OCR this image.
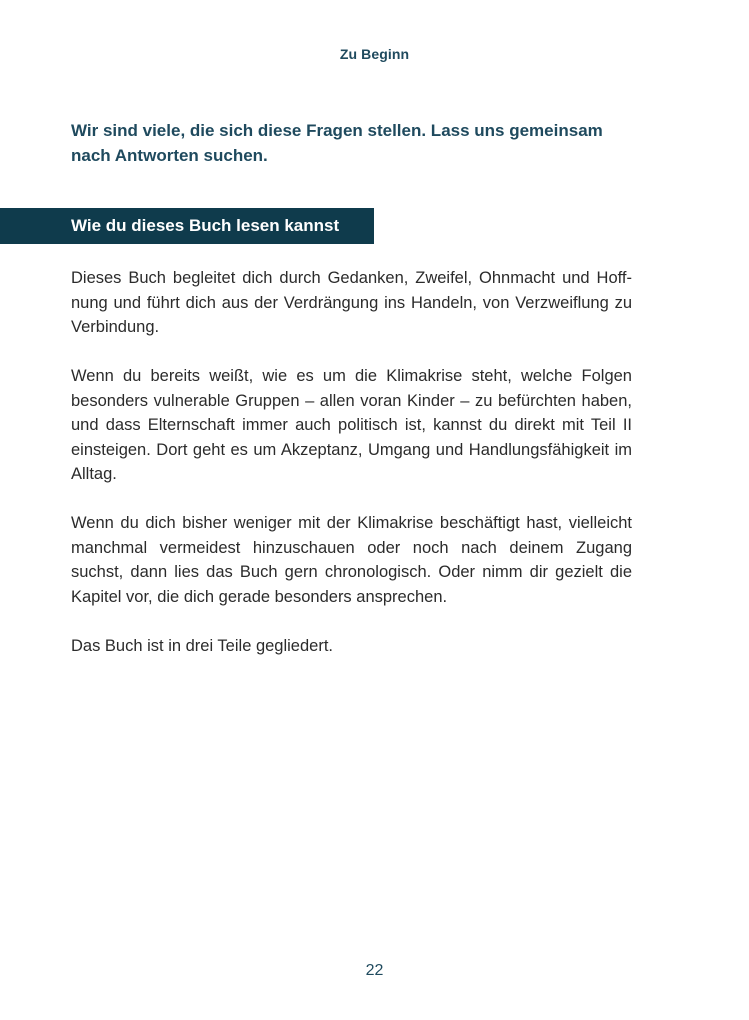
Zu Beginn

Wir sind viele, die sich diese Fragen stellen. Lass uns gemeinsam nach Antworten suchen.

Wie du dieses Buch lesen kannst

Dieses Buch begleitet dich durch Gedanken, Zweifel, Ohnmacht und Hoffnung und führt dich aus der Verdrängung ins Handeln, von Verzweiflung zu Verbindung.

Wenn du bereits weißt, wie es um die Klimakrise steht, welche Folgen besonders vulnerable Gruppen – allen voran Kinder – zu befürchten haben, und dass Elternschaft immer auch politisch ist, kannst du direkt mit Teil II einsteigen. Dort geht es um Akzeptanz, Umgang und Handlungsfähigkeit im Alltag.

Wenn du dich bisher weniger mit der Klimakrise beschäftigt hast, vielleicht manchmal vermeidest hinzuschauen oder noch nach deinem Zugang suchst, dann lies das Buch gern chronologisch. Oder nimm dir gezielt die Kapitel vor, die dich gerade besonders ansprechen.

Das Buch ist in drei Teile gegliedert.

22
